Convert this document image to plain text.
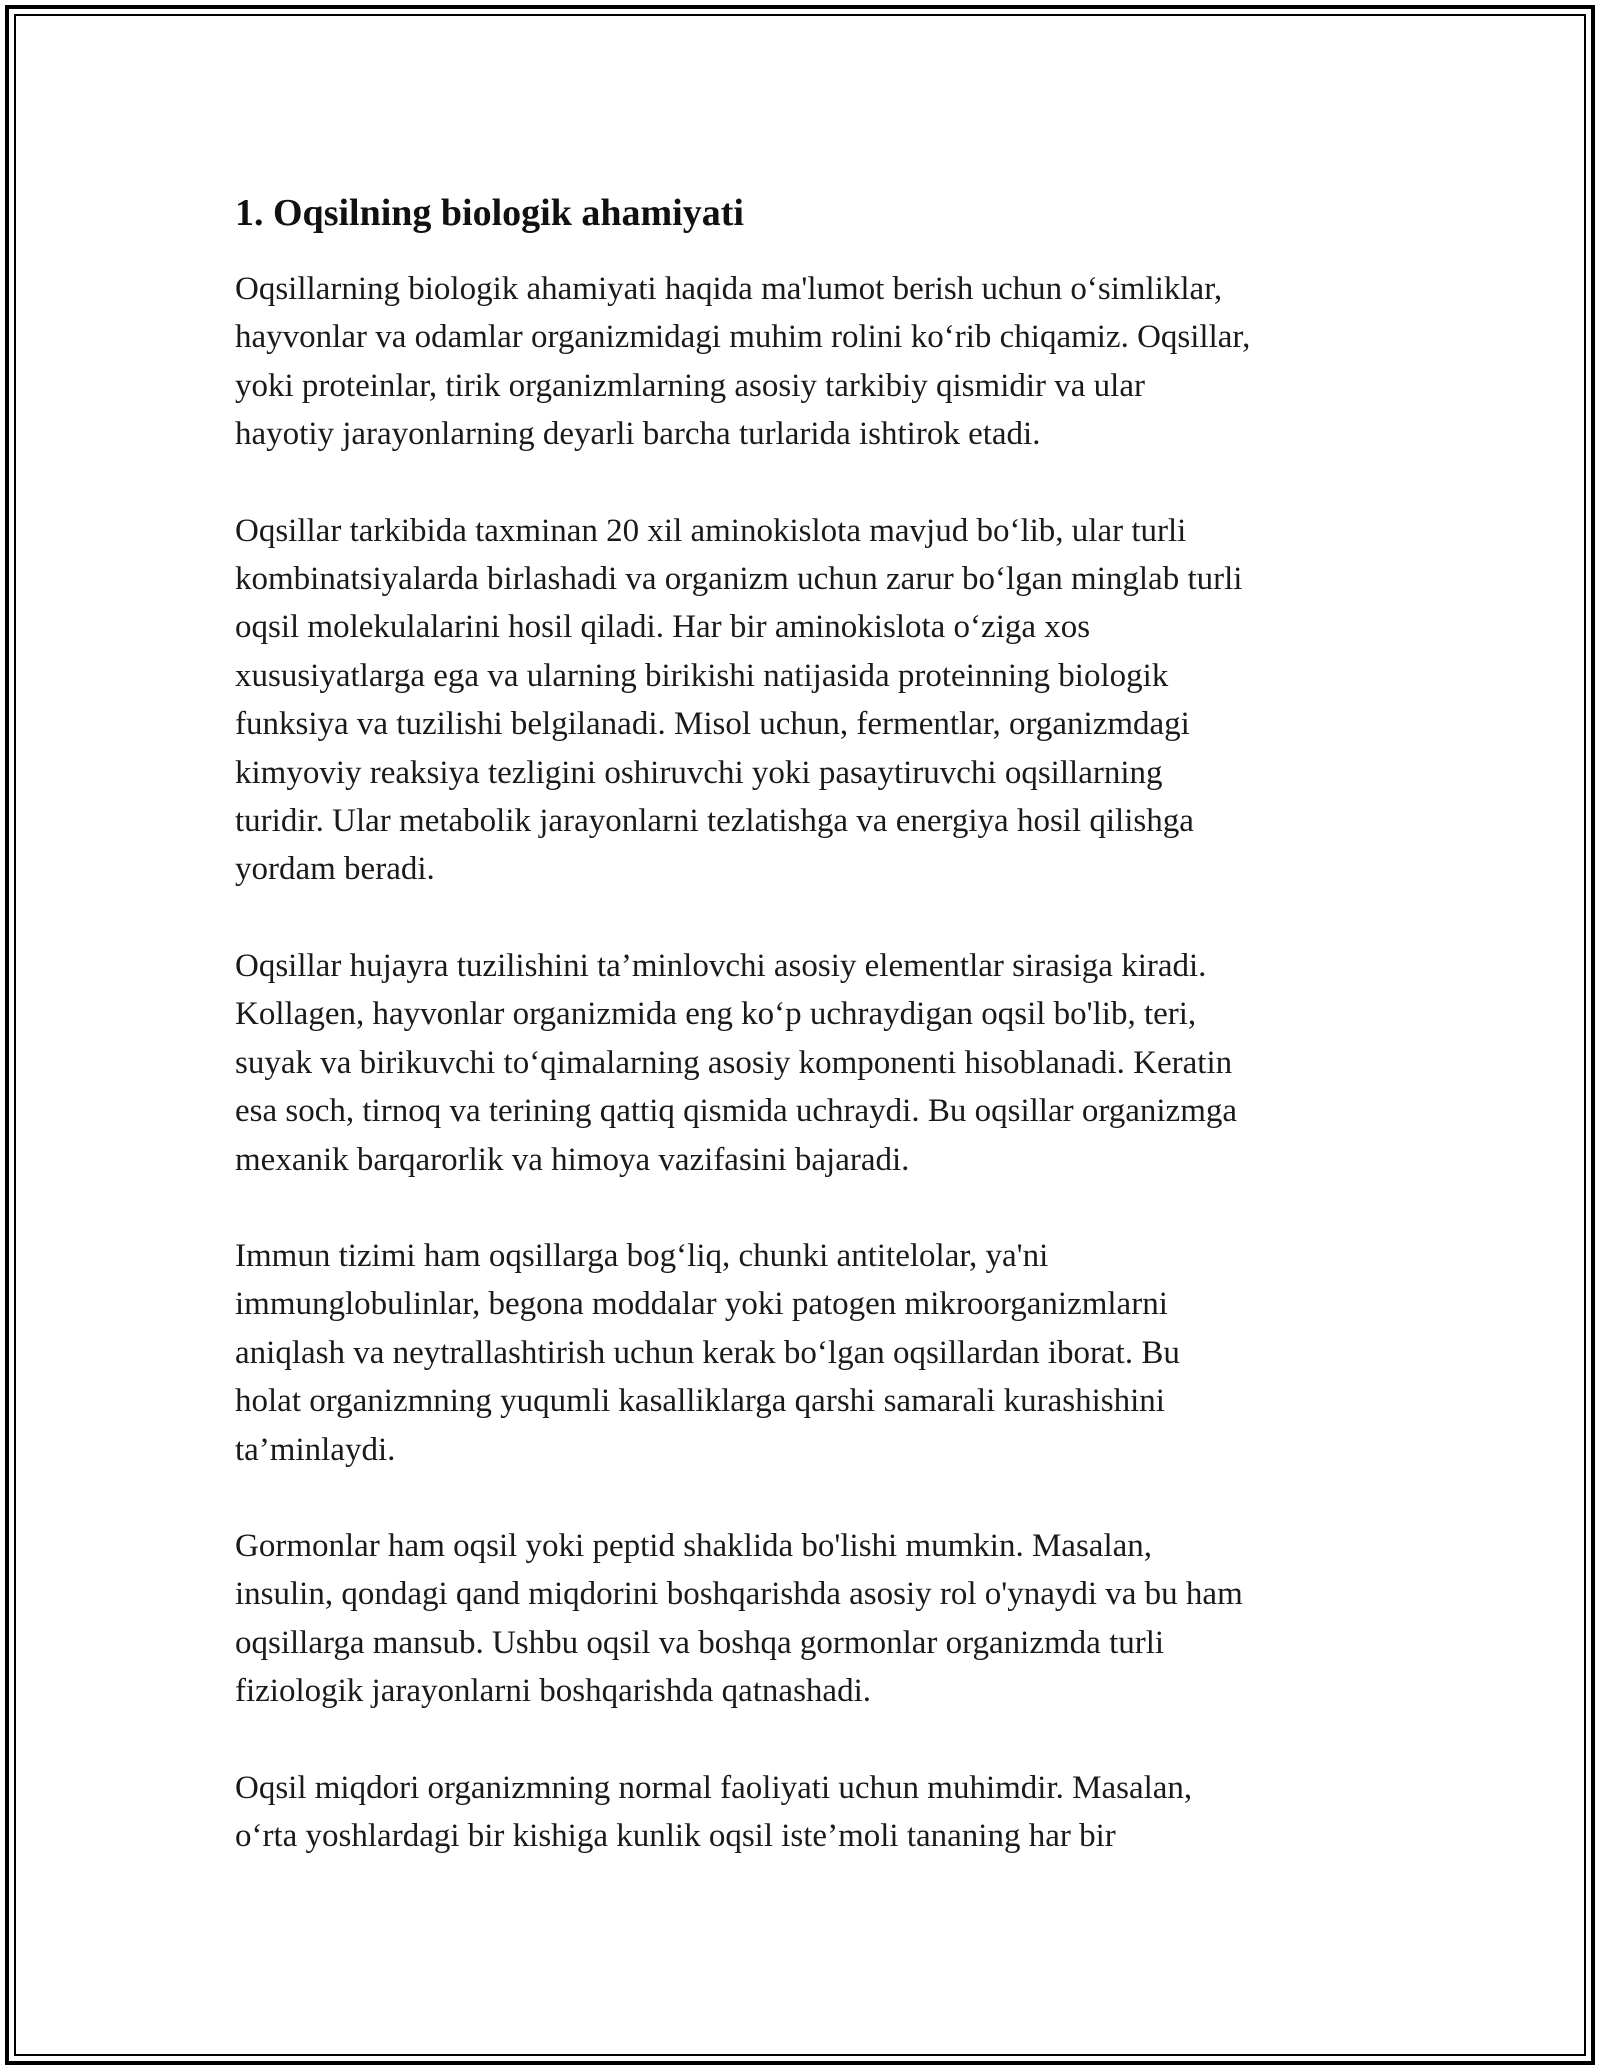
1. Oqsilning biologik ahamiyati

Oqsillarning biologik ahamiyati haqida ma'lumot berish uchun o‘simliklar,
hayvonlar va odamlar organizmidagi muhim rolini ko‘rib chiqamiz. Oqsillar,
yoki proteinlar, tirik organizmlarning asosiy tarkibiy qismidir va ular
hayotiy jarayonlarning deyarli barcha turlarida ishtirok etadi.

Oqsillar tarkibida taxminan 20 xil aminokislota mavjud bo‘lib, ular turli
kombinatsiyalarda birlashadi va organizm uchun zarur bo‘lgan minglab turli
oqsil molekulalarini hosil qiladi. Har bir aminokislota o‘ziga xos
xususiyatlarga ega va ularning birikishi natijasida proteinning biologik
funksiya va tuzilishi belgilanadi. Misol uchun, fermentlar, organizmdagi
kimyoviy reaksiya tezligini oshiruvchi yoki pasaytiruvchi oqsillarning
turidir. Ular metabolik jarayonlarni tezlatishga va energiya hosil qilishga
yordam beradi.

Oqsillar hujayra tuzilishini ta’minlovchi asosiy elementlar sirasiga kiradi.
Kollagen, hayvonlar organizmida eng ko‘p uchraydigan oqsil bo'lib, teri,
suyak va birikuvchi to‘qimalarning asosiy komponenti hisoblanadi. Keratin
esa soch, tirnoq va terining qattiq qismida uchraydi. Bu oqsillar organizmga
mexanik barqarorlik va himoya vazifasini bajaradi.

Immun tizimi ham oqsillarga bog‘liq, chunki antitelolar, ya'ni
immunglobulinlar, begona moddalar yoki patogen mikroorganizmlarni
aniqlash va neytrallashtirish uchun kerak bo‘lgan oqsillardan iborat. Bu
holat organizmning yuqumli kasalliklarga qarshi samarali kurashishini
ta’minlaydi.

Gormonlar ham oqsil yoki peptid shaklida bo'lishi mumkin. Masalan,
insulin, qondagi qand miqdorini boshqarishda asosiy rol o'ynaydi va bu ham
oqsillarga mansub. Ushbu oqsil va boshqa gormonlar organizmda turli
fiziologik jarayonlarni boshqarishda qatnashadi.

Oqsil miqdori organizmning normal faoliyati uchun muhimdir. Masalan,
o‘rta yoshlardagi bir kishiga kunlik oqsil iste’moli tananing har bir
